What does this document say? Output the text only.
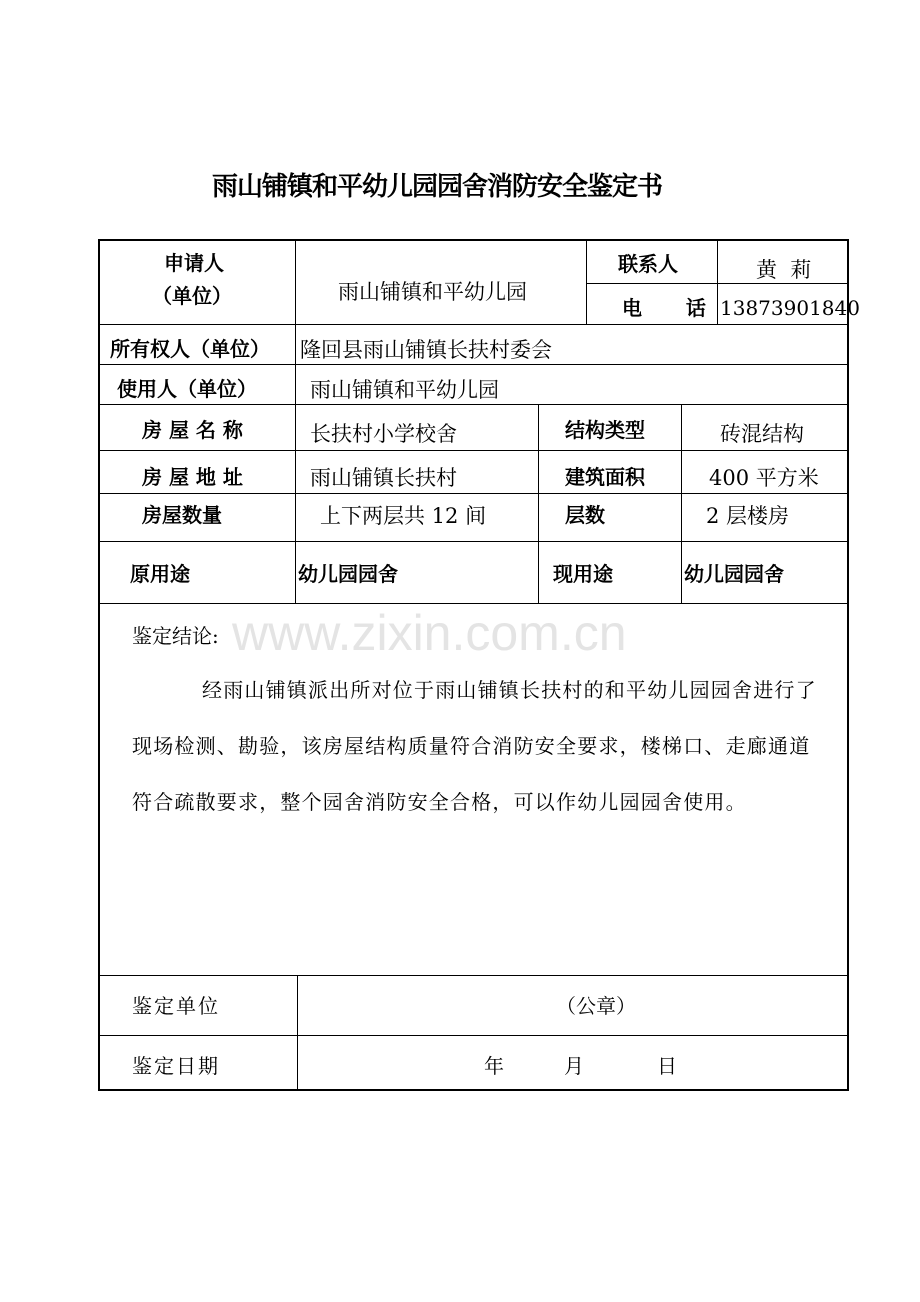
雨山铺镇和平幼儿园园舍消防安全鉴定书
申请人
（单位）	雨山铺镇和平幼儿园
联系人	黄  莉
电  话 13873901840
所有权人（单位） 隆回县雨山铺镇长扶村委会
使用人（单位）	雨山铺镇和平幼儿园
房 屋 名 称	长扶村小学校舍	结构类型	砖混结构
房 屋 地 址	雨山铺镇长扶村	建筑面积	400 平方米
房屋数量	上下两层共 12 间	层数	2 层楼房
原用途	幼儿园园舍	现用途	幼儿园园舍
www.zixin.com.cn
鉴定结论:

经雨山铺镇派出所对位于雨山铺镇长扶村的和平幼儿园园舍进行了现场检测、勘验，该房屋结构质量符合消防安全要求，楼梯口、走廊通道符合疏散要求，整个园舍消防安全合格，可以作幼儿园园舍使用。

鉴定单位	（公章）
鉴定日期	年	月	日
